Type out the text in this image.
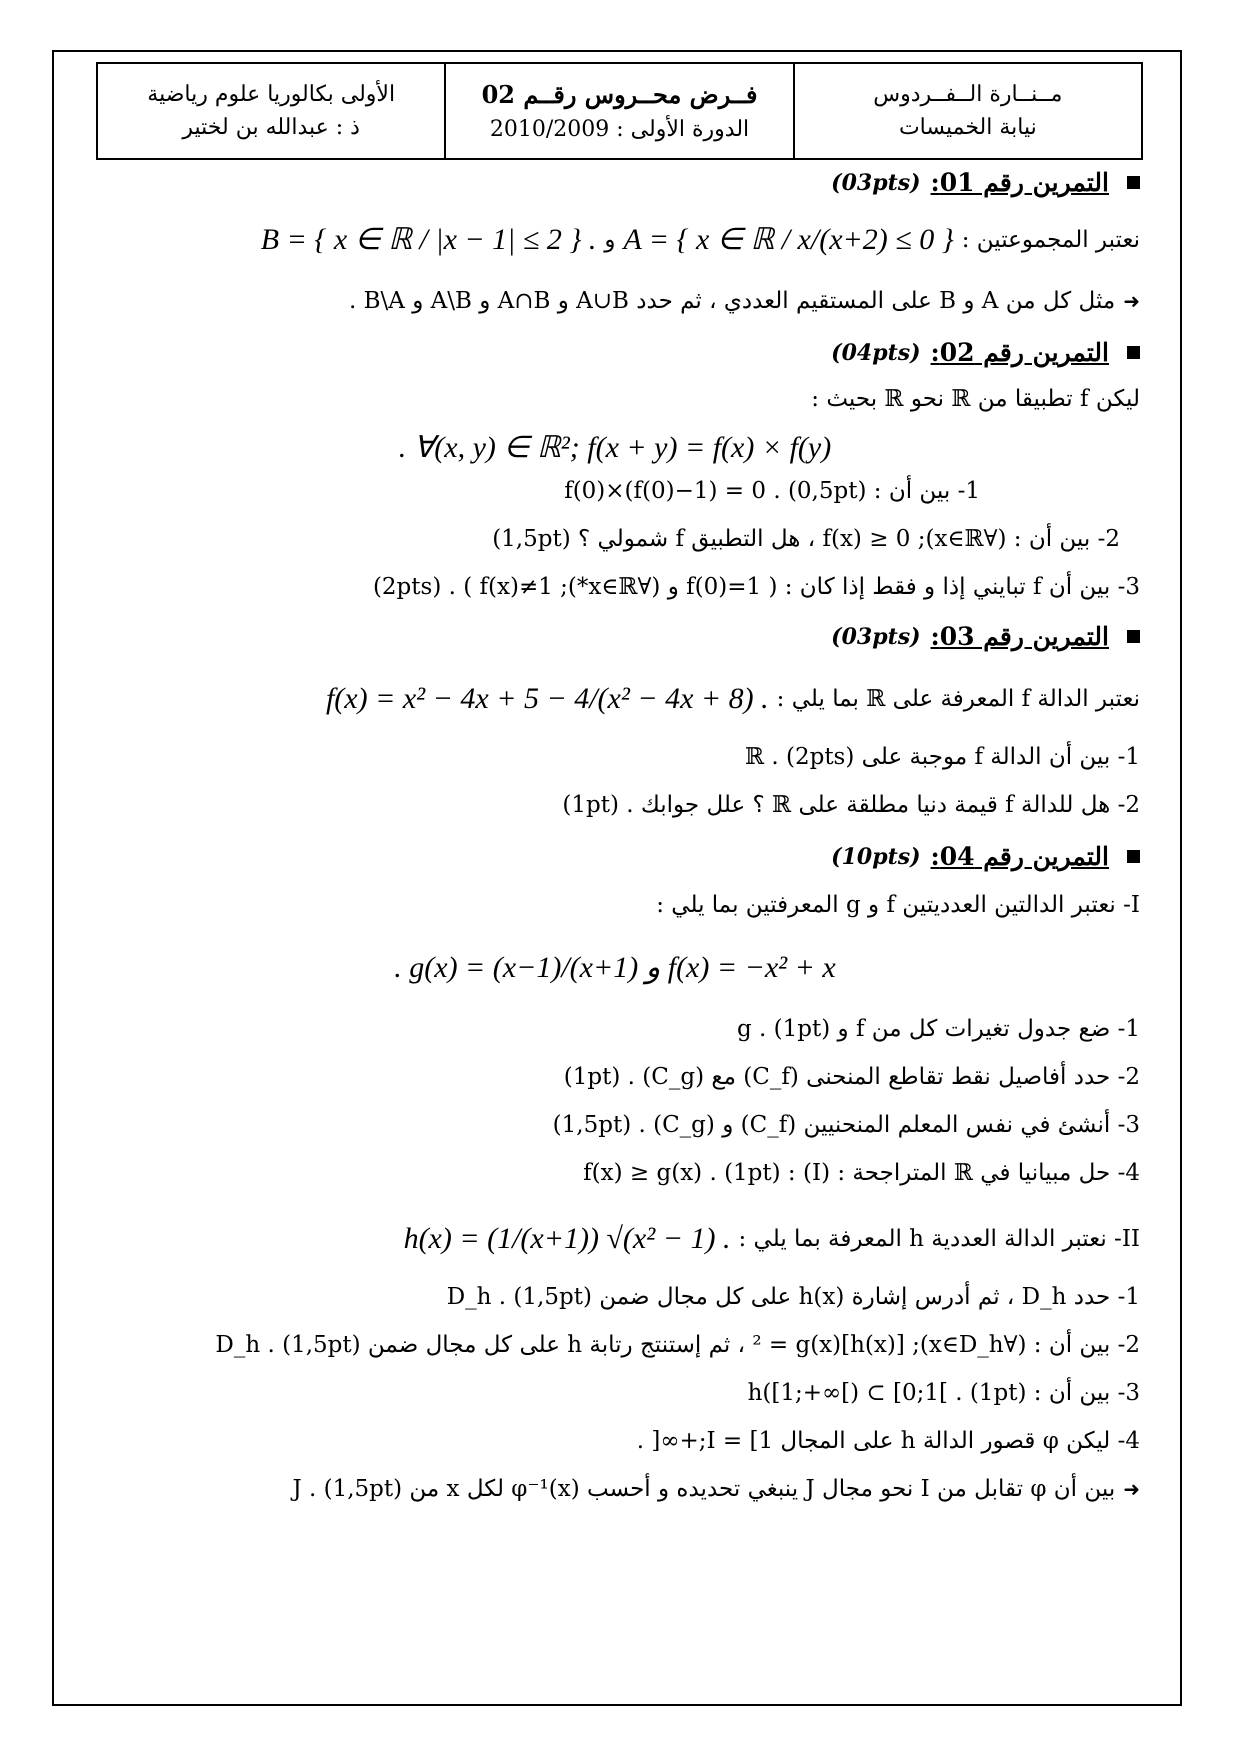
مــنــارة الــفــردوس
نيابة الخميسات
فــرض محــروس رقــم 02
الدورة الأولى : 2010/2009
الأولى بكالوريا علوم رياضية
ذ : عبدالله بن لختير
التمرين رقم 01:
(03pts)
نعتبر المجموعتين :
A = { x ∈ ℝ / x/(x+2) ≤ 0 }
و
B = { x ∈ ℝ / |x − 1| ≤ 2 } .
➜
مثل كل من A و B على المستقيم العددي ، ثم حدد A∪B و A∩B و A\B و B\A .
التمرين رقم 02:
(04pts)
ليكن f تطبيقا من ℝ نحو ℝ بحيث :
. ∀(x, y) ∈ ℝ²; f(x + y) = f(x) × f(y)
1- بين أن : f(0)×(f(0)−1) = 0 . (0,5pt)
2- بين أن : (∀x∈ℝ); f(x) ≥ 0 ، هل التطبيق f شمولي ؟ (1,5pt)
3- بين أن f تبايني إذا و فقط إذا كان : ( f(0)=1 و (∀x∈ℝ*); f(x)≠1 ) . (2pts)
التمرين رقم 03:
(03pts)
نعتبر الدالة f المعرفة على ℝ بما يلي :
f(x) = x² − 4x + 5 − 4/(x² − 4x + 8) .
1- بين أن الدالة f موجبة على ℝ . (2pts)
2- هل للدالة f قيمة دنيا مطلقة على ℝ ؟ علل جوابك . (1pt)
التمرين رقم 04:
(10pts)
I- نعتبر الدالتين العدديتين f و g المعرفتين بما يلي :
. g(x) = (x−1)/(x+1) و f(x) = −x² + x
1- ضع جدول تغيرات كل من f و g . (1pt)
2- حدد أفاصيل نقط تقاطع المنحنى (C_f) مع (C_g) . (1pt)
3- أنشئ في نفس المعلم المنحنيين (C_f) و (C_g) . (1,5pt)
4- حل مبيانيا في ℝ المتراجحة : (I) : f(x) ≥ g(x) . (1pt)
II- نعتبر الدالة العددية h المعرفة بما يلي :
h(x) = (1/(x+1)) √(x² − 1) .
1- حدد D_h ، ثم أدرس إشارة h(x) على كل مجال ضمن D_h . (1,5pt)
2- بين أن : (∀x∈D_h); [h(x)]² = g(x) ، ثم إستنتج رتابة h على كل مجال ضمن D_h . (1,5pt)
3- بين أن : h([1;+∞[) ⊂ [0;1[ . (1pt)
4- ليكن φ قصور الدالة h على المجال I = [1;+∞[ .
➜
بين أن φ تقابل من I نحو مجال J ينبغي تحديده و أحسب φ⁻¹(x) لكل x من J . (1,5pt)
